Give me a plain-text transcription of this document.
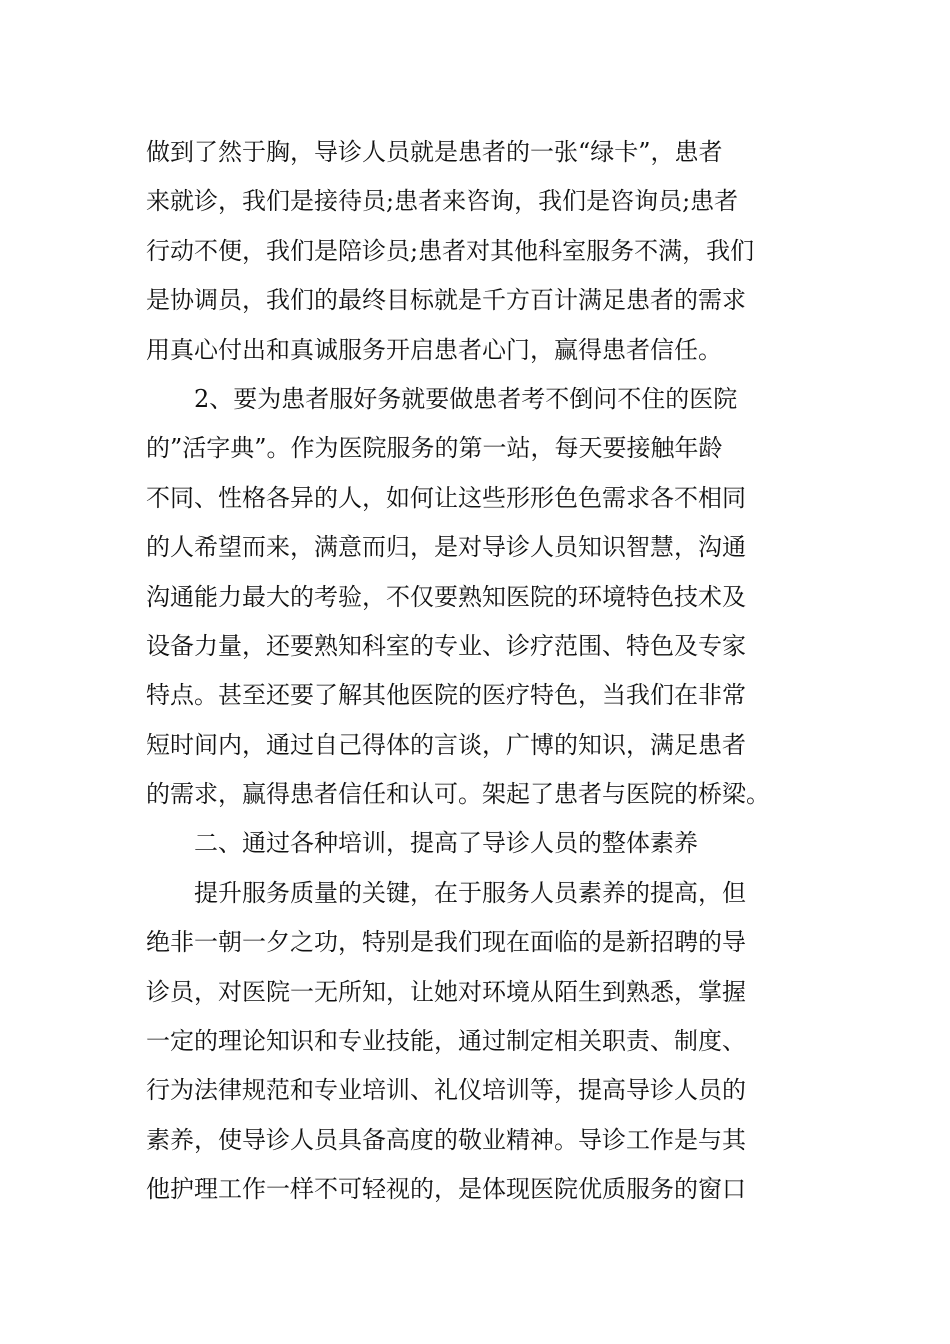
做到了然于胸，导诊人员就是患者的一张“绿卡”，患者
来就诊，我们是接待员;患者来咨询，我们是咨询员;患者
行动不便，我们是陪诊员;患者对其他科室服务不满，我们
是协调员，我们的最终目标就是千方百计满足患者的需求
用真心付出和真诚服务开启患者心门，赢得患者信任。
2、要为患者服好务就要做患者考不倒问不住的医院
的”活字典”。作为医院服务的第一站，每天要接触年龄
不同、性格各异的人，如何让这些形形色色需求各不相同
的人希望而来，满意而归，是对导诊人员知识智慧，沟通
沟通能力最大的考验，不仅要熟知医院的环境特色技术及
设备力量，还要熟知科室的专业、诊疗范围、特色及专家
特点。甚至还要了解其他医院的医疗特色，当我们在非常
短时间内，通过自己得体的言谈，广博的知识，满足患者
的需求，赢得患者信任和认可。架起了患者与医院的桥梁。
二、通过各种培训，提高了导诊人员的整体素养
提升服务质量的关键，在于服务人员素养的提高，但
绝非一朝一夕之功，特别是我们现在面临的是新招聘的导
诊员，对医院一无所知，让她对环境从陌生到熟悉，掌握
一定的理论知识和专业技能，通过制定相关职责、制度、
行为法律规范和专业培训、礼仪培训等，提高导诊人员的
素养，使导诊人员具备高度的敬业精神。导诊工作是与其
他护理工作一样不可轻视的，是体现医院优质服务的窗口
